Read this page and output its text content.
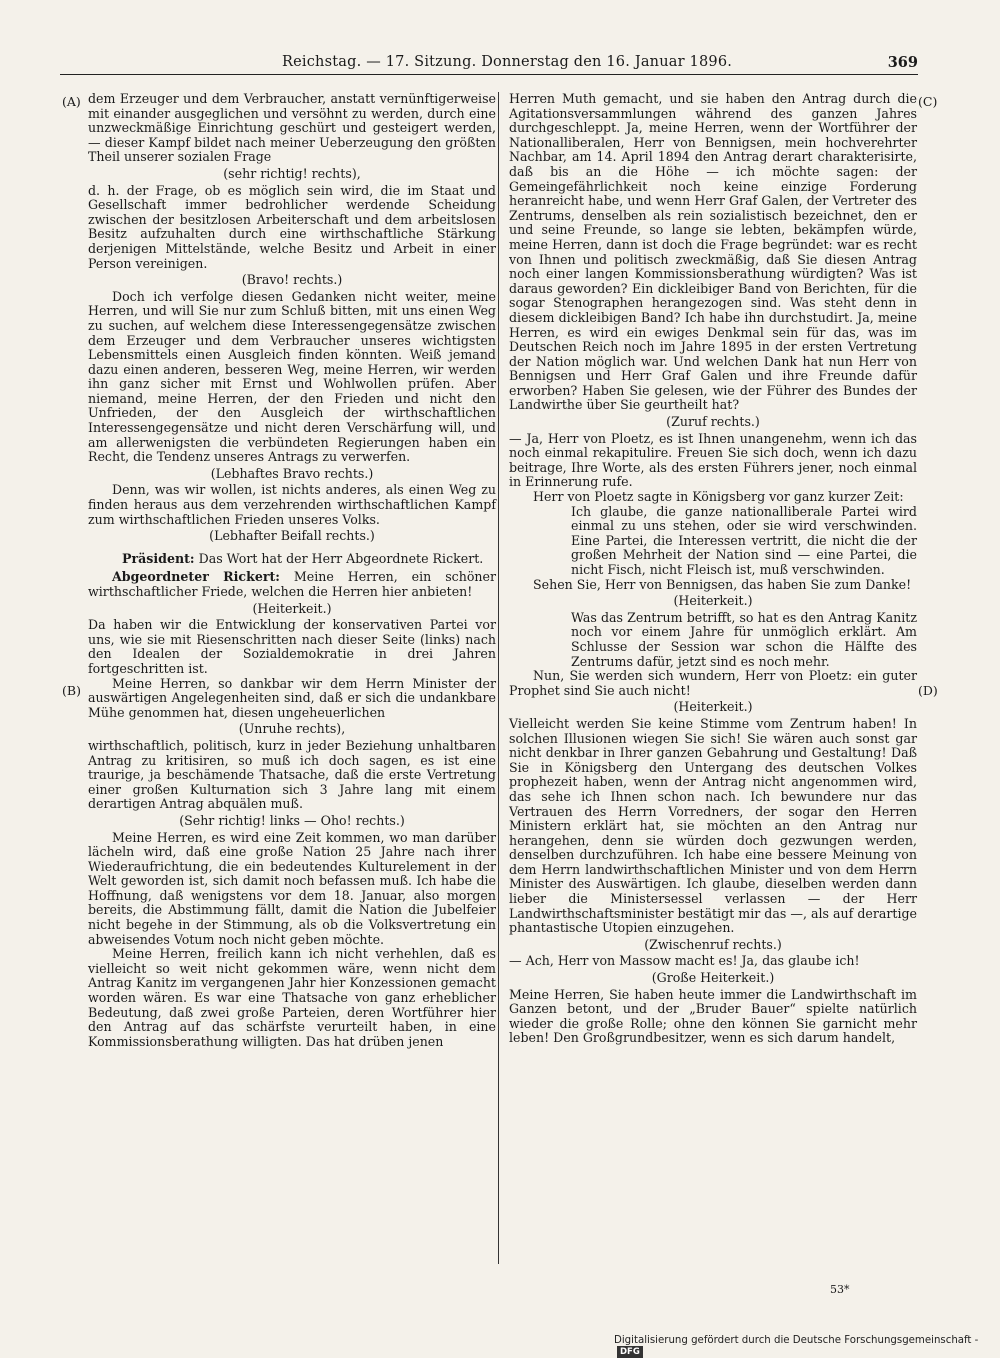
Reichstag. — 17. Sitzung. Donnerstag den 16. Januar 1896.	369
(A)
(B)
(C)
(D)

dem Erzeuger und dem Verbraucher, anstatt vernünftigerweise mit einander ausgeglichen und versöhnt zu werden, durch eine unzweckmäßige Einrichtung geschürt und gesteigert werden, — dieser Kampf bildet nach meiner Ueberzeugung den größten Theil unserer sozialen Frage

(sehr richtig! rechts),

d. h. der Frage, ob es möglich sein wird, die im Staat und Gesellschaft immer bedrohlicher werdende Scheidung zwischen der besitzlosen Arbeiterschaft und dem arbeitslosen Besitz aufzuhalten durch eine wirthschaftliche Stärkung derjenigen Mittelstände, welche Besitz und Arbeit in einer Person vereinigen.

(Bravo! rechts.)

Doch ich verfolge diesen Gedanken nicht weiter, meine Herren, und will Sie nur zum Schluß bitten, mit uns einen Weg zu suchen, auf welchem diese Interessengegensätze zwischen dem Erzeuger und dem Verbraucher unseres wichtigsten Lebensmittels einen Ausgleich finden könnten. Weiß jemand dazu einen anderen, besseren Weg, meine Herren, wir werden ihn ganz sicher mit Ernst und Wohlwollen prüfen. Aber niemand, meine Herren, der den Frieden und nicht den Unfrieden, der den Ausgleich der wirthschaftlichen Interessengegensätze und nicht deren Verschärfung will, und am allerwenigsten die verbündeten Regierungen haben ein Recht, die Tendenz unseres Antrags zu verwerfen.

(Lebhaftes Bravo rechts.)

Denn, was wir wollen, ist nichts anderes, als einen Weg zu finden heraus aus dem verzehrenden wirthschaftlichen Kampf zum wirthschaftlichen Frieden unseres Volks.

(Lebhafter Beifall rechts.)

Präsident: Das Wort hat der Herr Abgeordnete Rickert.

Abgeordneter Rickert: Meine Herren, ein schöner wirthschaftlicher Friede, welchen die Herren hier anbieten!

(Heiterkeit.)

Da haben wir die Entwicklung der konservativen Partei vor uns, wie sie mit Riesenschritten nach dieser Seite (links) nach den Idealen der Sozialdemokratie in drei Jahren fortgeschritten ist.

Meine Herren, so dankbar wir dem Herrn Minister der auswärtigen Angelegenheiten sind, daß er sich die undankbare Mühe genommen hat, diesen ungeheuerlichen

(Unruhe rechts),

wirthschaftlich, politisch, kurz in jeder Beziehung unhaltbaren Antrag zu kritisiren, so muß ich doch sagen, es ist eine traurige, ja beschämende Thatsache, daß die erste Vertretung einer großen Kulturnation sich 3 Jahre lang mit einem derartigen Antrag abquälen muß.

(Sehr richtig! links — Oho! rechts.)

Meine Herren, es wird eine Zeit kommen, wo man darüber lächeln wird, daß eine große Nation 25 Jahre nach ihrer Wiederaufrichtung, die ein bedeutendes Kulturelement in der Welt geworden ist, sich damit noch befassen muß. Ich habe die Hoffnung, daß wenigstens vor dem 18. Januar, also morgen bereits, die Abstimmung fällt, damit die Nation die Jubelfeier nicht begehe in der Stimmung, als ob die Volksvertretung ein abweisendes Votum noch nicht geben möchte.

Meine Herren, freilich kann ich nicht verhehlen, daß es vielleicht so weit nicht gekommen wäre, wenn nicht dem Antrag Kanitz im vergangenen Jahr hier Konzessionen gemacht worden wären. Es war eine Thatsache von ganz erheblicher Bedeutung, daß zwei große Parteien, deren Wortführer hier den Antrag auf das schärfste verurteilt haben, in eine Kommissionsberathung willigten. Das hat drüben jenen

Herren Muth gemacht, und sie haben den Antrag durch die Agitationsversammlungen während des ganzen Jahres durchgeschleppt. Ja, meine Herren, wenn der Wortführer der Nationalliberalen, Herr von Bennigsen, mein hochverehrter Nachbar, am 14. April 1894 den Antrag derart charakterisirte, daß bis an die Höhe — ich möchte sagen: der Gemeingefährlichkeit noch keine einzige Forderung heranreicht habe, und wenn Herr Graf Galen, der Vertreter des Zentrums, denselben als rein sozialistisch bezeichnet, den er und seine Freunde, so lange sie lebten, bekämpfen würde, meine Herren, dann ist doch die Frage begründet: war es recht von Ihnen und politisch zweckmäßig, daß Sie diesen Antrag noch einer langen Kommissionsberathung würdigten? Was ist daraus geworden? Ein dickleibiger Band von Berichten, für die sogar Stenographen herangezogen sind. Was steht denn in diesem dickleibigen Band? Ich habe ihn durchstudirt. Ja, meine Herren, es wird ein ewiges Denkmal sein für das, was im Deutschen Reich noch im Jahre 1895 in der ersten Vertretung der Nation möglich war. Und welchen Dank hat nun Herr von Bennigsen und Herr Graf Galen und ihre Freunde dafür erworben? Haben Sie gelesen, wie der Führer des Bundes der Landwirthe über Sie geurtheilt hat?

(Zuruf rechts.)

— Ja, Herr von Ploetz, es ist Ihnen unangenehm, wenn ich das noch einmal rekapitulire. Freuen Sie sich doch, wenn ich dazu beitrage, Ihre Worte, als des ersten Führers jener, noch einmal in Erinnerung rufe.

Herr von Ploetz sagte in Königsberg vor ganz kurzer Zeit:

Ich glaube, die ganze nationalliberale Partei wird einmal zu uns stehen, oder sie wird verschwinden. Eine Partei, die Interessen vertritt, die nicht die der großen Mehrheit der Nation sind — eine Partei, die nicht Fisch, nicht Fleisch ist, muß verschwinden.

Sehen Sie, Herr von Bennigsen, das haben Sie zum Danke!

(Heiterkeit.)

Was das Zentrum betrifft, so hat es den Antrag Kanitz noch vor einem Jahre für unmöglich erklärt. Am Schlusse der Session war schon die Hälfte des Zentrums dafür, jetzt sind es noch mehr.

Nun, Sie werden sich wundern, Herr von Ploetz: ein guter Prophet sind Sie auch nicht!

(Heiterkeit.)

Vielleicht werden Sie keine Stimme vom Zentrum haben! In solchen Illusionen wiegen Sie sich! Sie wären auch sonst gar nicht denkbar in Ihrer ganzen Gebahrung und Gestaltung! Daß Sie in Königsberg den Untergang des deutschen Volkes prophezeit haben, wenn der Antrag nicht angenommen wird, das sehe ich Ihnen schon nach. Ich bewundere nur das Vertrauen des Herrn Vorredners, der sogar den Herren Ministern erklärt hat, sie möchten an den Antrag nur herangehen, denn sie würden doch gezwungen werden, denselben durchzuführen. Ich habe eine bessere Meinung von dem Herrn landwirthschaftlichen Minister und von dem Herrn Minister des Auswärtigen. Ich glaube, dieselben werden dann lieber die Ministersessel verlassen — der Herr Landwirthschaftsminister bestätigt mir das —, als auf derartige phantastische Utopien einzugehen.

(Zwischenruf rechts.)

— Ach, Herr von Massow macht es! Ja, das glaube ich!

(Große Heiterkeit.)

Meine Herren, Sie haben heute immer die Landwirthschaft im Ganzen betont, und der „Bruder Bauer“ spielte natürlich wieder die große Rolle; ohne den können Sie garnicht mehr leben! Den Großgrundbesitzer, wenn es sich darum handelt,

53*
Digitalisierung gefördert durch die Deutsche Forschungsgemeinschaft - DFG
